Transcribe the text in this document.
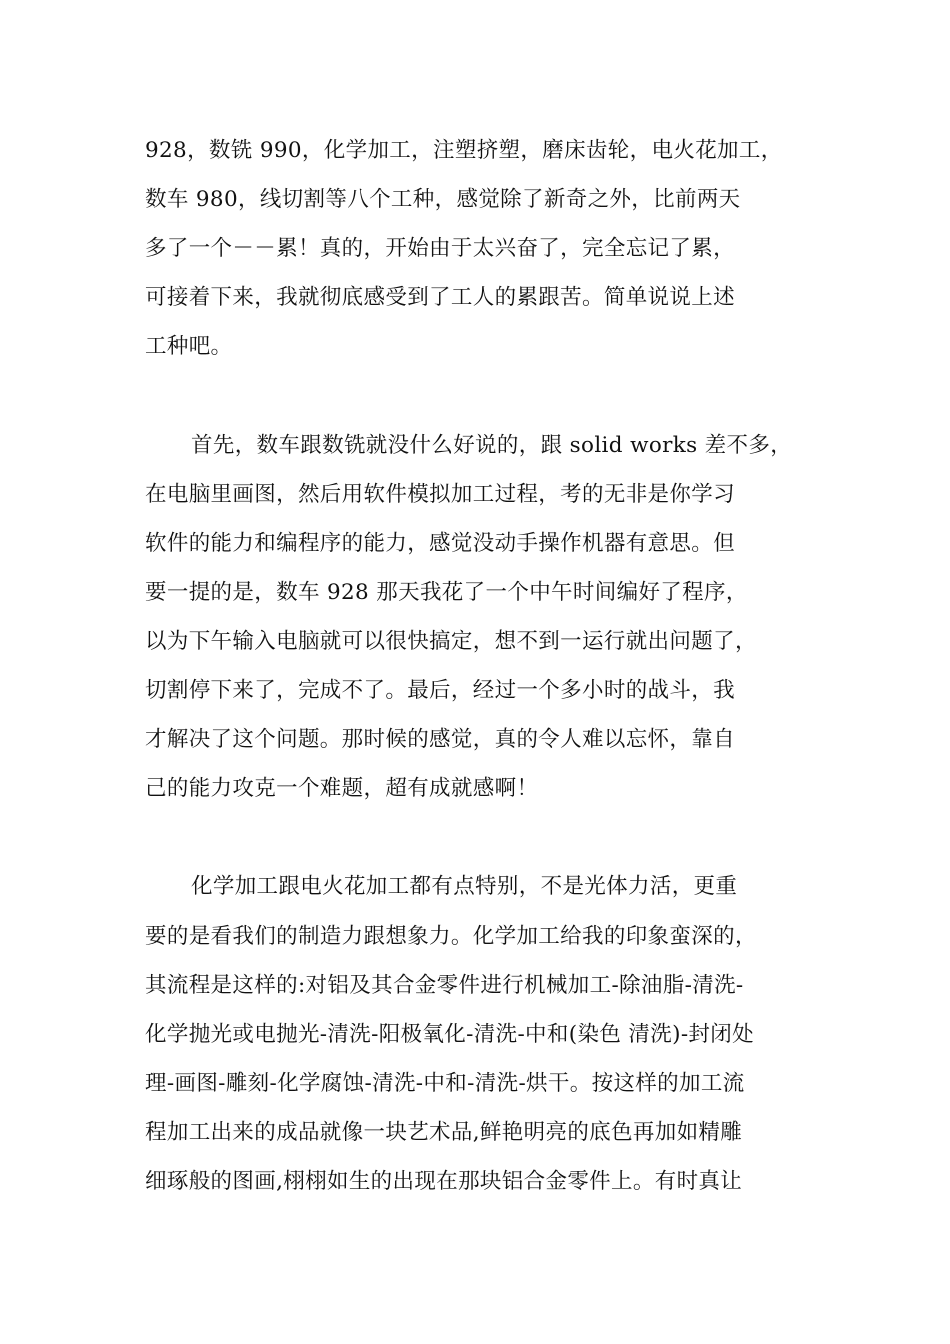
928，数铣 990，化学加工，注塑挤塑，磨床齿轮，电火花加工，
数车 980，线切割等八个工种，感觉除了新奇之外，比前两天
多了一个－－累！真的，开始由于太兴奋了，完全忘记了累，
可接着下来，我就彻底感受到了工人的累跟苦。简单说说上述
工种吧。
首先，数车跟数铣就没什么好说的，跟 solid works 差不多，
在电脑里画图，然后用软件模拟加工过程，考的无非是你学习
软件的能力和编程序的能力，感觉没动手操作机器有意思。但
要一提的是，数车 928 那天我花了一个中午时间编好了程序，
以为下午输入电脑就可以很快搞定，想不到一运行就出问题了，
切割停下来了，完成不了。最后，经过一个多小时的战斗，我
才解决了这个问题。那时候的感觉，真的令人难以忘怀，靠自
己的能力攻克一个难题，超有成就感啊！
化学加工跟电火花加工都有点特别，不是光体力活，更重
要的是看我们的制造力跟想象力。化学加工给我的印象蛮深的，
其流程是这样的:对铝及其合金零件进行机械加工-除油脂-清洗-
化学抛光或电抛光-清洗-阳极氧化-清洗-中和(染色 清洗)-封闭处
理-画图-雕刻-化学腐蚀-清洗-中和-清洗-烘干。按这样的加工流
程加工出来的成品就像一块艺术品,鲜艳明亮的底色再加如精雕
细琢般的图画,栩栩如生的出现在那块铝合金零件上。有时真让
